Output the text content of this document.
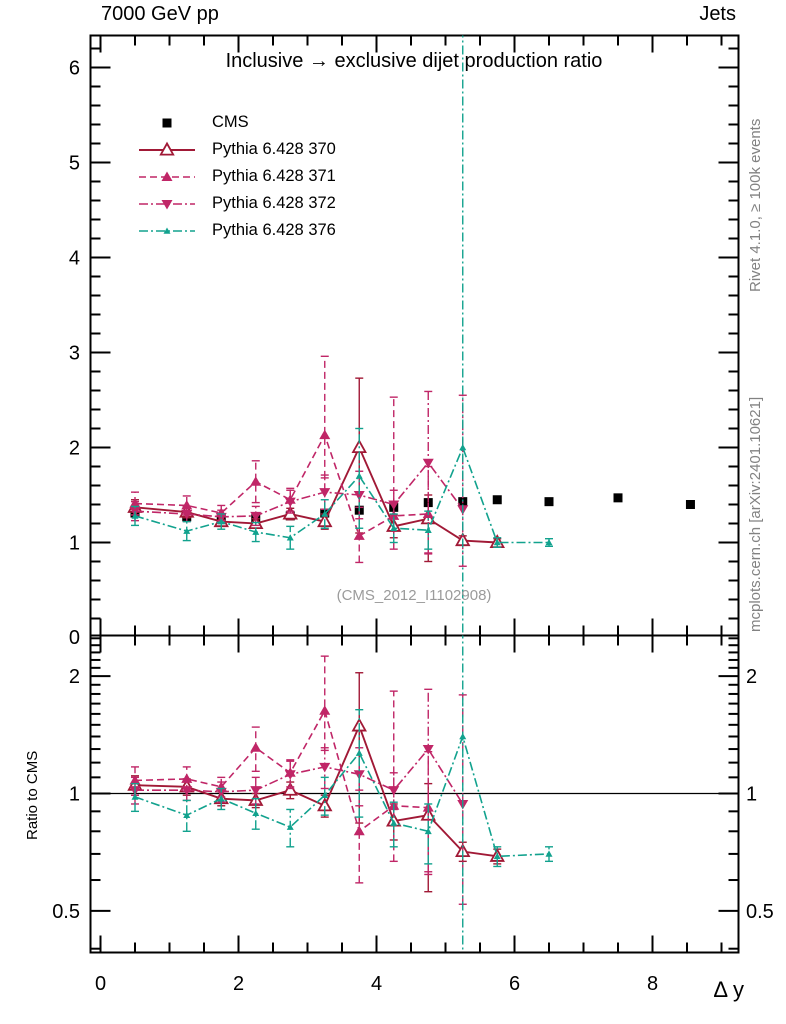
0
1
2
3
4
5
6
0.5	0.5
1	1
2	2
0	2	4	6	8
7000 GeV pp	Jets
Inclusive → exclusive dijet production ratio
CMS
Pythia 6.428 370
Pythia 6.428 371
Pythia 6.428 372
Pythia 6.428 376
(CMS_2012_I1102908)
Rivet 4.1.0, ≥ 100k events
mcplots.cern.ch [arXiv:2401.10621]
Ratio to CMS
Δ y
